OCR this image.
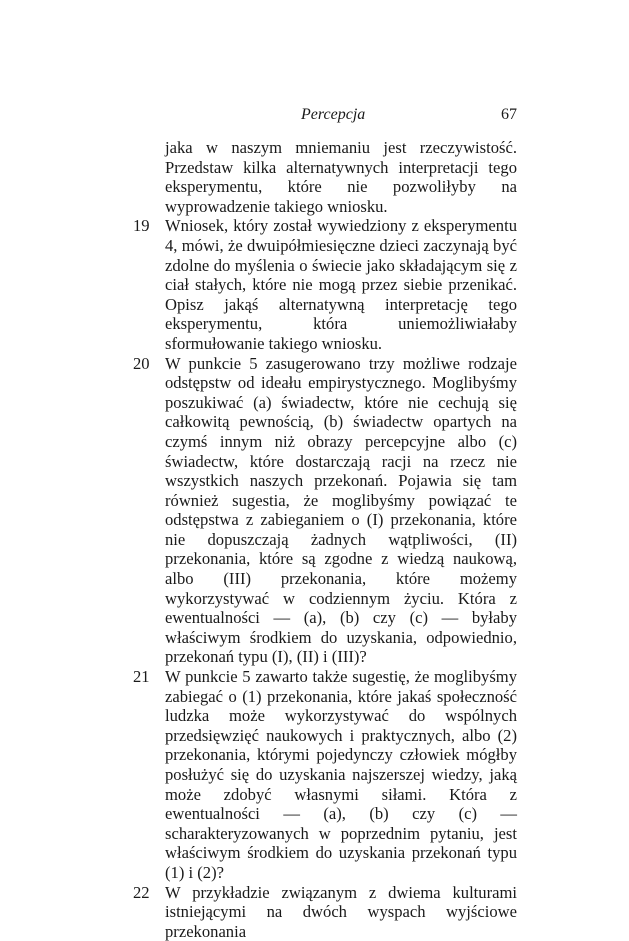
Percepcja	67
jaka w naszym mniemaniu jest rzeczywistość. Przedstaw kilka alternatywnych interpretacji tego eksperymentu, które nie pozwoliłyby na wyprowadzenie takiego wniosku.
19 Wniosek, który został wywiedziony z eksperymentu 4, mówi, że dwuipółmiesięczne dzieci zaczynają być zdolne do myślenia o świecie jako składającym się z ciał stałych, które nie mogą przez siebie przenikać. Opisz jakąś alternatywną interpretację tego eksperymentu, która uniemożliwiałaby sformułowanie takiego wniosku.
20 W punkcie 5 zasugerowano trzy możliwe rodzaje odstępstw od ideału empirystycznego. Moglibyśmy poszukiwać (a) świadectw, które nie cechują się całkowitą pewnością, (b) świadectw opartych na czymś innym niż obrazy percepcyjne albo (c) świadectw, które dostarczają racji na rzecz nie wszystkich naszych przekonań. Pojawia się tam również sugestia, że moglibyśmy powiązać te odstępstwa z zabieganiem o (I) przekonania, które nie dopuszczają żadnych wątpliwości, (II) przekonania, które są zgodne z wiedzą naukową, albo (III) przekonania, które możemy wykorzystywać w codziennym życiu. Która z ewentualności — (a), (b) czy (c) — byłaby właściwym środkiem do uzyskania, odpowiednio, przekonań typu (I), (II) i (III)?
21 W punkcie 5 zawarto także sugestię, że moglibyśmy zabiegać o (1) przekonania, które jakaś społeczność ludzka może wykorzystywać do wspólnych przedsięwzięć naukowych i praktycznych, albo (2) przekonania, którymi pojedynczy człowiek mógłby posłużyć się do uzyskania najszerszej wiedzy, jaką może zdobyć własnymi siłami. Która z ewentualności — (a), (b) czy (c) — scharakteryzowanych w poprzednim pytaniu, jest właściwym środkiem do uzyskania przekonań typu (1) i (2)?
22 W przykładzie związanym z dwiema kulturami istniejącymi na dwóch wyspach wyjściowe przekonania
